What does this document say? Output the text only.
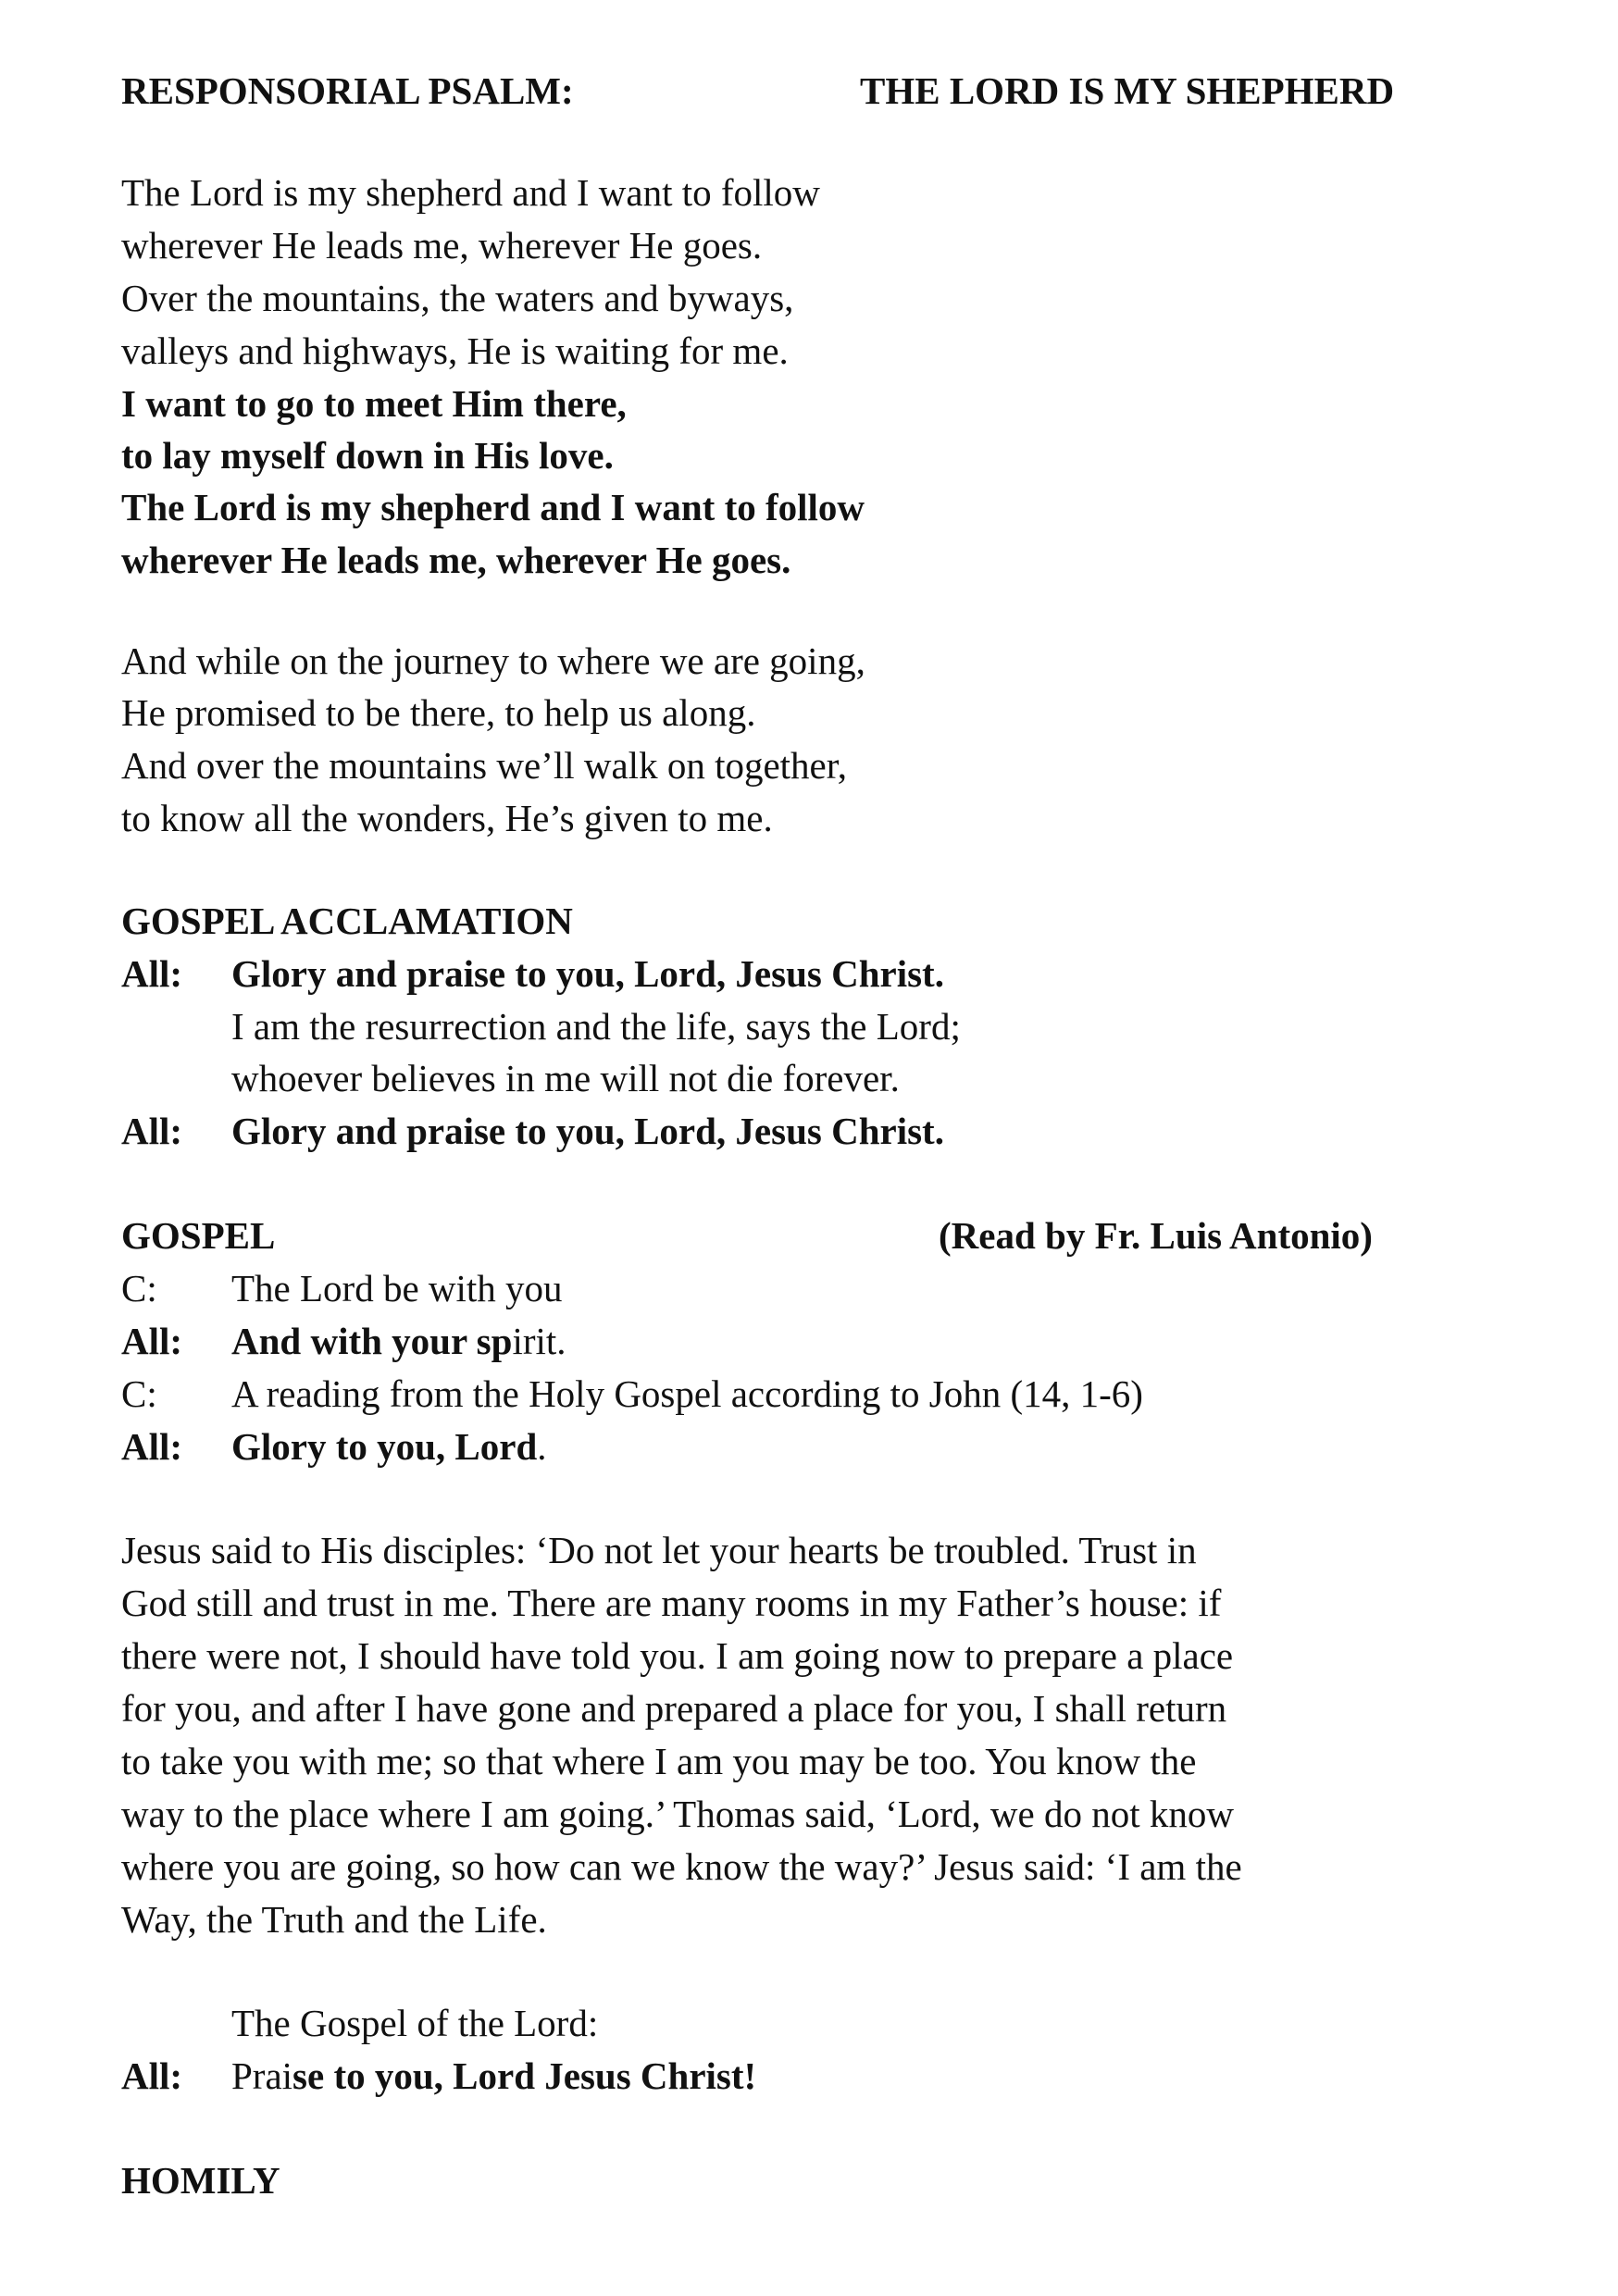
RESPONSORIAL PSALM:	THE LORD IS MY SHEPHERD
The Lord is my shepherd and I want to follow
wherever He leads me, wherever He goes.
Over the mountains, the waters and byways,
valleys and highways, He is waiting for me.
I want to go to meet Him there,
to lay myself down in His love.
The Lord is my shepherd and I want to follow
wherever He leads me, wherever He goes.
And while on the journey to where we are going,
He promised to be there, to help us along.
And over the mountains we’ll walk on together,
to know all the wonders, He’s given to me.
GOSPEL ACCLAMATION
All: Glory and praise to you, Lord, Jesus Christ.
I am the resurrection and the life, says the Lord;
whoever believes in me will not die forever.
All: Glory and praise to you, Lord, Jesus Christ.
GOSPEL	(Read by Fr. Luis Antonio)
C: The Lord be with you
All: And with your spirit.
C: A reading from the Holy Gospel according to John (14, 1-6)
All: Glory to you, Lord.
Jesus said to His disciples: ‘Do not let your hearts be troubled. Trust in
God still and trust in me. There are many rooms in my Father’s house: if
there were not, I should have told you. I am going now to prepare a place
for you, and after I have gone and prepared a place for you, I shall return
to take you with me; so that where I am you may be too. You know the
way to the place where I am going.’ Thomas said, ‘Lord, we do not know
where you are going, so how can we know the way?’ Jesus said: ‘I am the
Way, the Truth and the Life.
The Gospel of the Lord:
All: Praise to you, Lord Jesus Christ!
HOMILY
